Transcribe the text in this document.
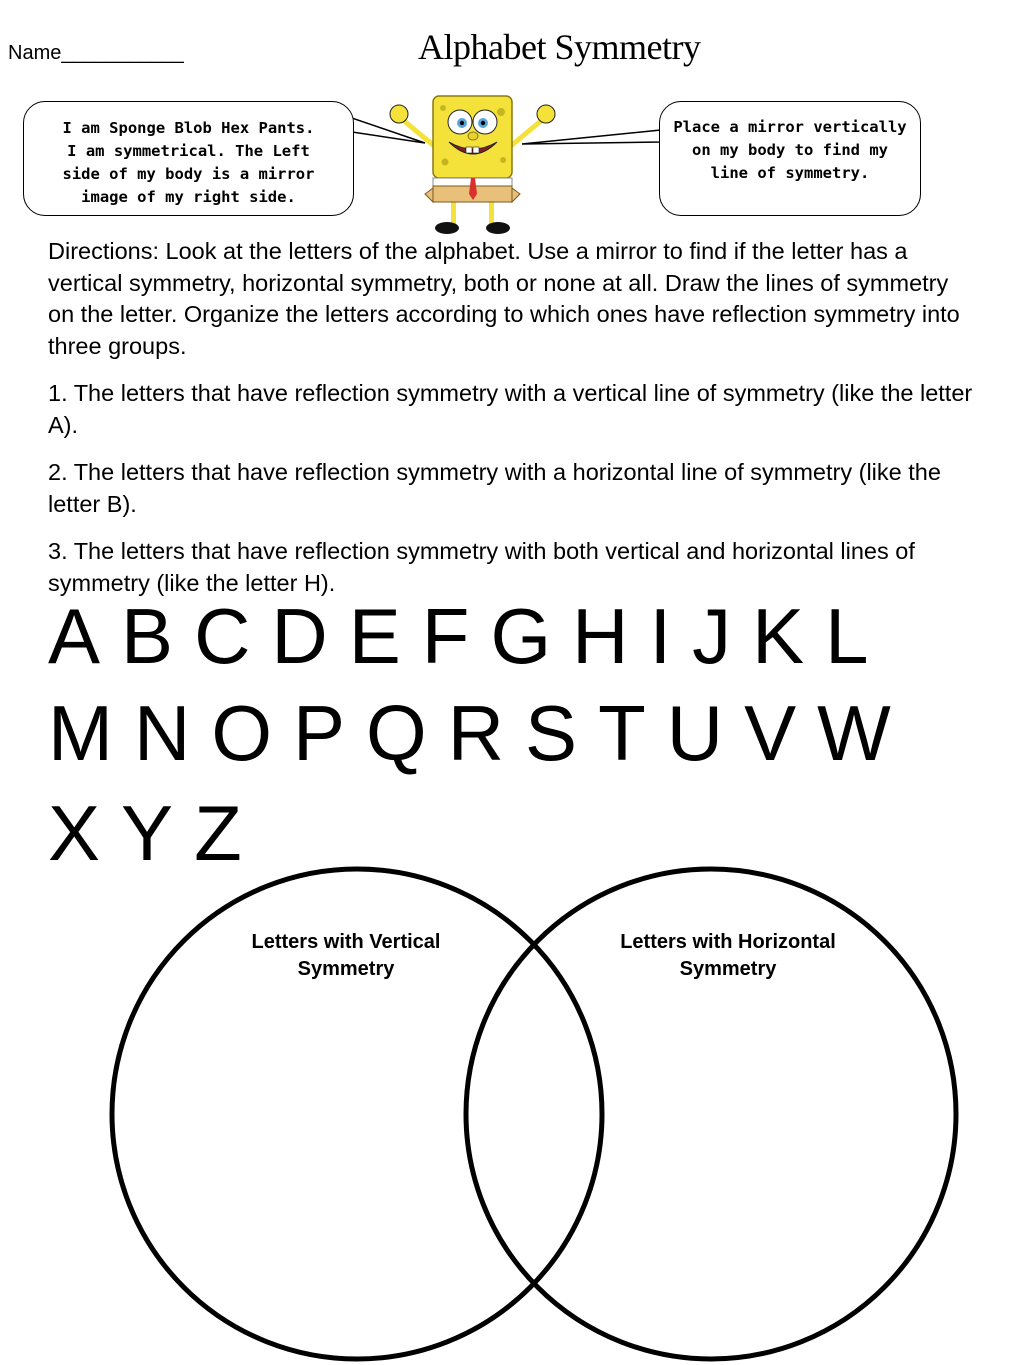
Name___________	Alphabet Symmetry
I am Sponge Blob Hex Pants.
I am symmetrical. The Left
side of my body is a mirror
image of my right side.
Place a mirror vertically
on my body to find my
line of symmetry.

Directions: Look at the letters of the alphabet. Use a mirror to find if the letter has a vertical symmetry, horizontal symmetry, both or none at all. Draw the lines of symmetry on the letter. Organize the letters according to which ones have reflection symmetry into three groups.

1. The letters that have reflection symmetry with a vertical line of symmetry (like the letter A).

2. The letters that have reflection symmetry with a horizontal line of symmetry (like the letter B).

3. The letters that have reflection symmetry with both vertical and horizontal lines of symmetry (like the letter H).

A B C D E F G H I J K L
M N O P Q R S T U V W
X Y Z
Letters with Vertical
Symmetry
Letters with Horizontal
Symmetry
